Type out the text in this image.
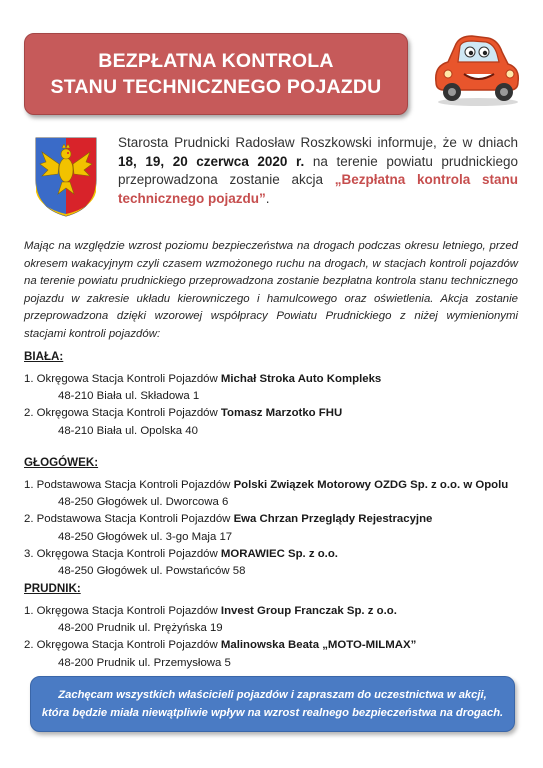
BEZPŁATNA KONTROLA
STANU TECHNICZNEGO POJAZDU
Starosta Prudnicki Radosław Roszkowski informuje, że w dniach 18, 19, 20 czerwca 2020 r. na terenie powiatu prudnickiego przeprowadzona zostanie akcja „Bezpłatna kontrola stanu technicznego pojazdu”.
Mając na względzie wzrost poziomu bezpieczeństwa na drogach podczas okresu letniego, przed okresem wakacyjnym czyli czasem wzmożonego ruchu na drogach, w stacjach kontroli pojazdów na terenie powiatu prudnickiego przeprowadzona zostanie bezpłatna kontrola stanu technicznego pojazdu w zakresie układu kierowniczego i hamulcowego oraz oświetlenia. Akcja zostanie przeprowadzona dzięki wzorowej współpracy Powiatu Prudnickiego z niżej wymienionymi stacjami kontroli pojazdów:
BIAŁA:
1. Okręgowa Stacja Kontroli Pojazdów Michał Stroka Auto Kompleks
48-210 Biała ul. Składowa 1
2. Okręgowa Stacja Kontroli Pojazdów Tomasz Marzotko FHU
48-210 Biała ul. Opolska 40
GŁOGÓWEK:
1. Podstawowa Stacja Kontroli Pojazdów Polski Związek Motorowy OZDG Sp. z o.o. w Opolu
48-250 Głogówek ul. Dworcowa 6
2. Podstawowa Stacja Kontroli Pojazdów Ewa Chrzan Przeglądy Rejestracyjne
48-250 Głogówek ul. 3-go Maja 17
3. Okręgowa Stacja Kontroli Pojazdów MORAWIEC Sp. z o.o.
48-250 Głogówek ul. Powstańców 58
PRUDNIK:
1. Okręgowa Stacja Kontroli Pojazdów Invest Group Franczak Sp. z o.o.
48-200 Prudnik ul. Prężyńska 19
2. Okręgowa Stacja Kontroli Pojazdów Malinowska Beata „MOTO-MILMAX”
48-200 Prudnik ul. Przemysłowa 5
Zachęcam wszystkich właścicieli pojazdów i zapraszam do uczestnictwa w akcji,
która będzie miała niewątpliwie wpływ na wzrost realnego bezpieczeństwa na drogach.
